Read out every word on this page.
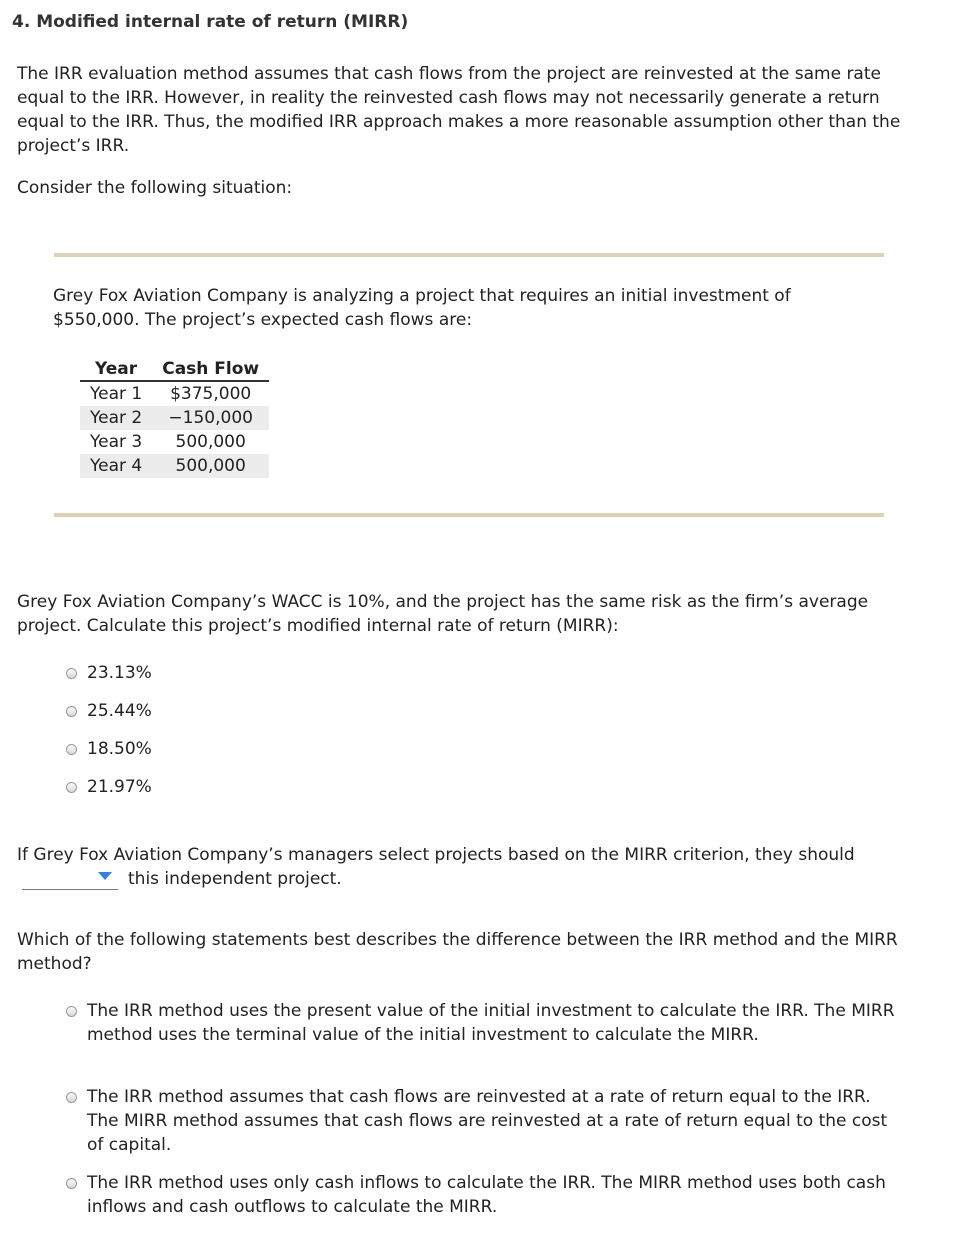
4. Modified internal rate of return (MIRR)

The IRR evaluation method assumes that cash flows from the project are reinvested at the same rate equal to the IRR. However, in reality the reinvested cash flows may not necessarily generate a return equal to the IRR. Thus, the modified IRR approach makes a more reasonable assumption other than the project’s IRR.

Consider the following situation:

Grey Fox Aviation Company is analyzing a project that requires an initial investment of $550,000. The project’s expected cash flows are:

Year	Cash Flow
Year 1	$375,000
Year 2	−150,000
Year 3	500,000
Year 4	500,000

Grey Fox Aviation Company’s WACC is 10%, and the project has the same risk as the firm’s average project. Calculate this project’s modified internal rate of return (MIRR):

23.13%
25.44%
18.50%
21.97%
If Grey Fox Aviation Company’s managers select projects based on the MIRR criterion, they should
this independent project.

Which of the following statements best describes the difference between the IRR method and the MIRR method?

The IRR method uses the present value of the initial investment to calculate the IRR. The MIRR method uses the terminal value of the initial investment to calculate the MIRR.
The IRR method assumes that cash flows are reinvested at a rate of return equal to the IRR. The MIRR method assumes that cash flows are reinvested at a rate of return equal to the cost of capital.
The IRR method uses only cash inflows to calculate the IRR. The MIRR method uses both cash inflows and cash outflows to calculate the MIRR.
